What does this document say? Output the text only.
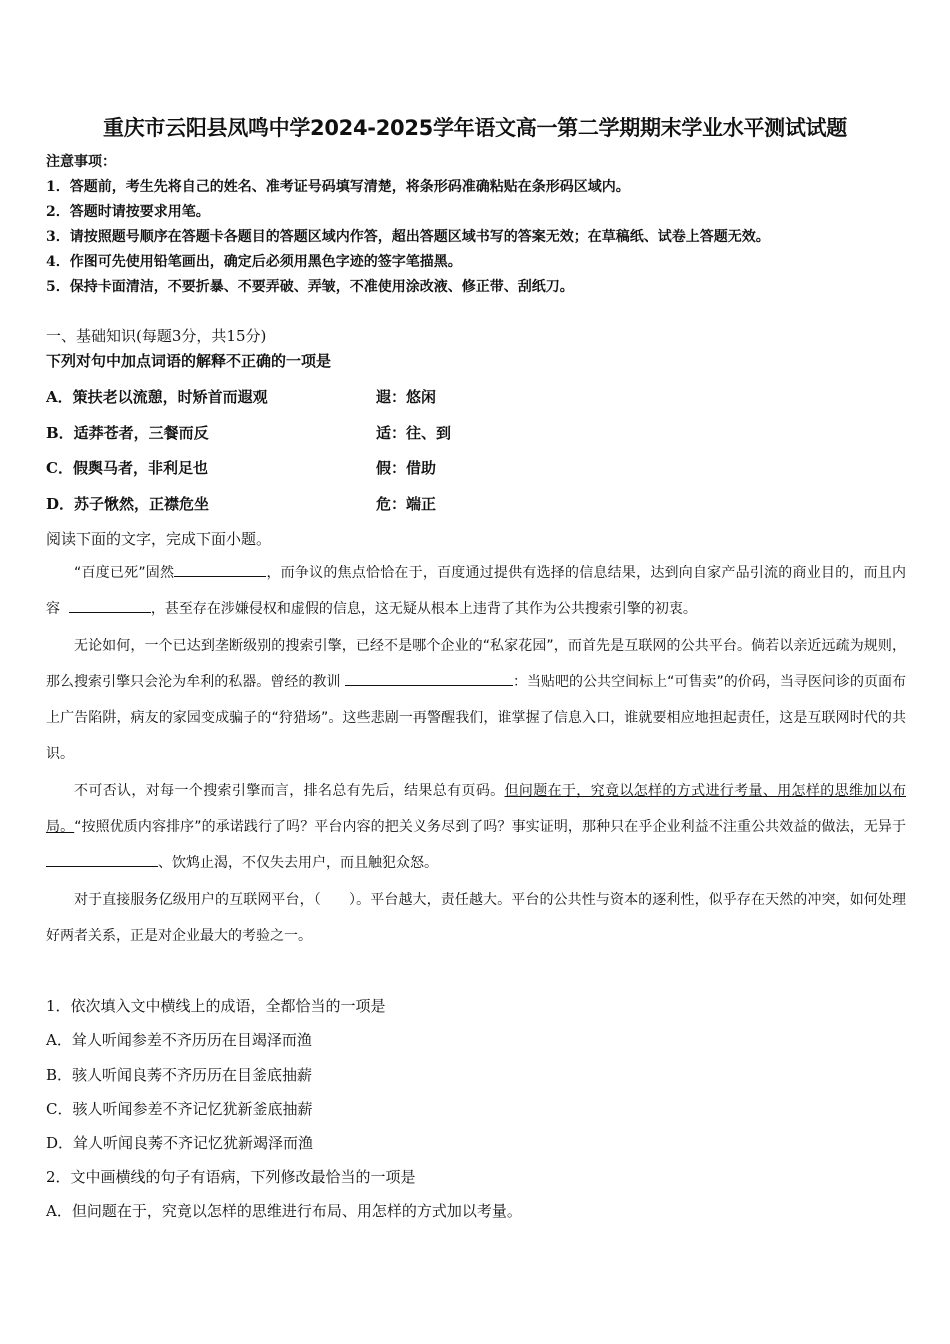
重庆市云阳县凤鸣中学2024-2025学年语文高一第二学期期末学业水平测试试题
注意事项：
1．答题前，考生先将自己的姓名、准考证号码填写清楚，将条形码准确粘贴在条形码区域内。
2．答题时请按要求用笔。
3．请按照题号顺序在答题卡各题目的答题区域内作答，超出答题区域书写的答案无效；在草稿纸、试卷上答题无效。
4．作图可先使用铅笔画出，确定后必须用黑色字迹的签字笔描黑。
5．保持卡面清洁，不要折暴、不要弄破、弄皱，不准使用涂改液、修正带、刮纸刀。
一、基础知识(每题3分，共15分)
下列对句中加点词语的解释不正确的一项是
A．策扶老以流憩，时矫首而遐观	遐：悠闲
B．适莽苍者，三餐而反	适：往、到
C．假舆马者，非利足也	假：借助
D．苏子愀然，正襟危坐	危：端正
阅读下面的文字，完成下面小题。

“百度已死”固然	，而争议的焦点恰恰在于，百度通过提供有选择的信息结果，达到向自家产品引流的商业目的，而且内容	，甚至存在涉嫌侵权和虚假的信息，这无疑从根本上违背了其作为公共搜索引擎的初衷。

无论如何，一个已达到垄断级别的搜索引擎，已经不是哪个企业的“私家花园”，而首先是互联网的公共平台。倘若以亲近远疏为规则，那么搜索引擎只会沦为牟利的私器。曾经的教训	：当贴吧的公共空间标上“可售卖”的价码，当寻医问诊的页面布上广告陷阱，病友的家园变成骗子的“狩猎场”。这些悲剧一再警醒我们，谁掌握了信息入口，谁就要相应地担起责任，这是互联网时代的共识。

不可否认，对每一个搜索引擎而言，排名总有先后，结果总有页码。但问题在于，究竟以怎样的方式进行考量、用怎样的思维加以布局。“按照优质内容排序”的承诺践行了吗？平台内容的把关义务尽到了吗？事实证明，那种只在乎企业利益不注重公共效益的做法，无异于、饮鸩止渴，不仅失去用户，而且触犯众怒。

对于直接服务亿级用户的互联网平台，（　　）。平台越大，责任越大。平台的公共性与资本的逐利性，似乎存在天然的冲突，如何处理好两者关系，正是对企业最大的考验之一。

1．依次填入文中横线上的成语，全都恰当的一项是
A．耸人听闻参差不齐历历在目竭泽而渔
B．骇人听闻良莠不齐历历在目釜底抽薪
C．骇人听闻参差不齐记忆犹新釜底抽薪
D．耸人听闻良莠不齐记忆犹新竭泽而渔
2．文中画横线的句子有语病，下列修改最恰当的一项是
A．但问题在于，究竟以怎样的思维进行布局、用怎样的方式加以考量。
